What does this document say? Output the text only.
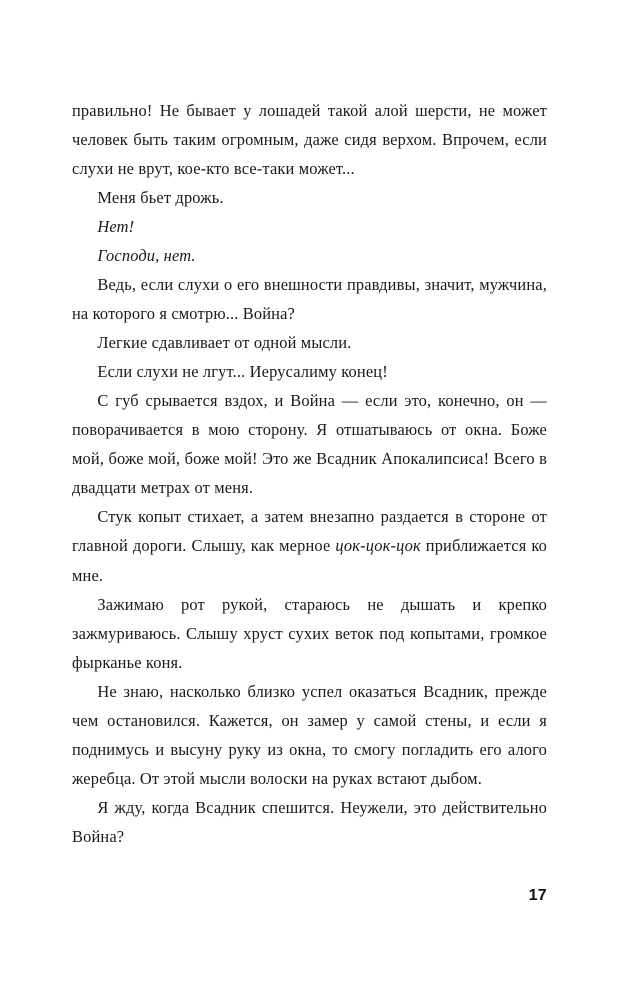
правильно! Не бывает у лошадей такой алой шерсти, не может человек быть таким огромным, даже сидя верхом. Впрочем, если слухи не врут, кое-кто все-таки может...

Меня бьет дрожь.

Нет!

Господи, нет.

Ведь, если слухи о его внешности правдивы, значит, мужчина, на которого я смотрю... Война?

Легкие сдавливает от одной мысли.

Если слухи не лгут... Иерусалиму конец!

С губ срывается вздох, и Война — если это, конечно, он — поворачивается в мою сторону. Я отшатываюсь от окна. Боже мой, боже мой, боже мой! Это же Всадник Апокалипсиса! Всего в двадцати метрах от меня.

Стук копыт стихает, а затем внезапно раздается в стороне от главной дороги. Слышу, как мерное цок-цок-цок приближается ко мне.

Зажимаю рот рукой, стараюсь не дышать и крепко зажмуриваюсь. Слышу хруст сухих веток под копытами, громкое фырканье коня.

Не знаю, насколько близко успел оказаться Всадник, прежде чем остановился. Кажется, он замер у самой стены, и если я поднимусь и высуну руку из окна, то смогу погладить его алого жеребца. От этой мысли волоски на руках встают дыбом.

Я жду, когда Всадник спешится. Неужели, это действительно Война?

17
